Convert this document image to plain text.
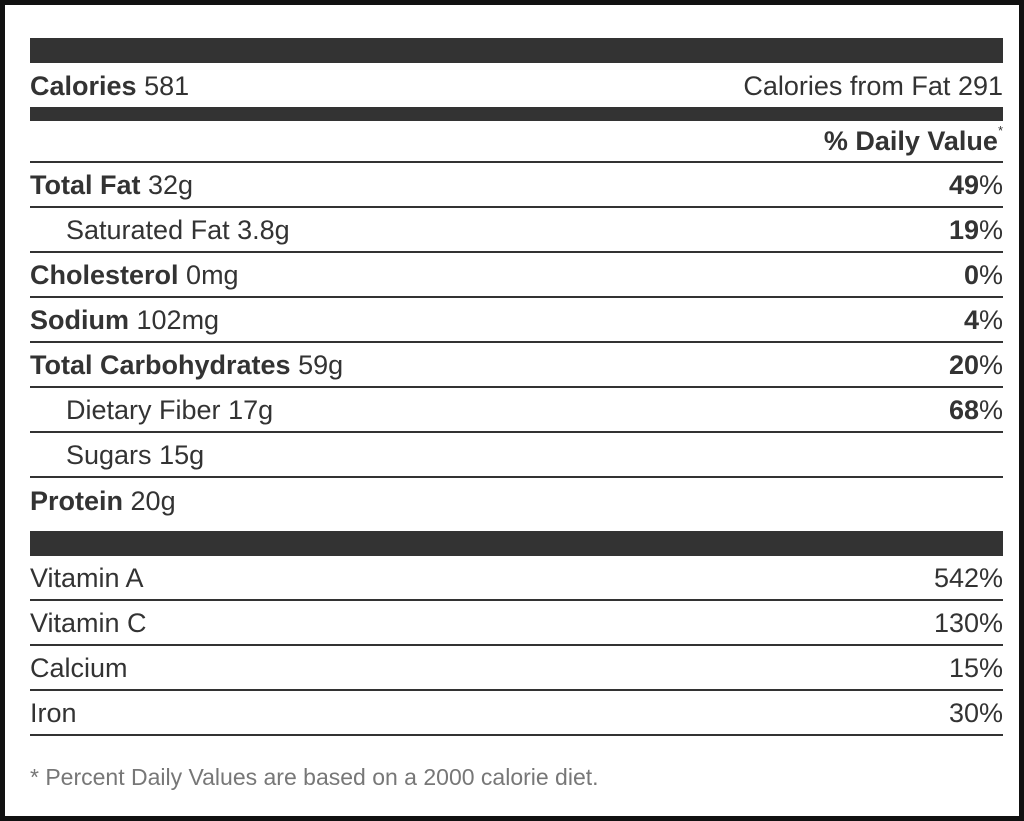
Calories 581	Calories from Fat 291
% Daily Value*
Total Fat 32g	49%
Saturated Fat 3.8g	19%
Cholesterol 0mg	0%
Sodium 102mg	4%
Total Carbohydrates 59g	20%
Dietary Fiber 17g	68%
Sugars 15g
Protein 20g
Vitamin A	542%
Vitamin C	130%
Calcium	15%
Iron	30%
* Percent Daily Values are based on a 2000 calorie diet.
